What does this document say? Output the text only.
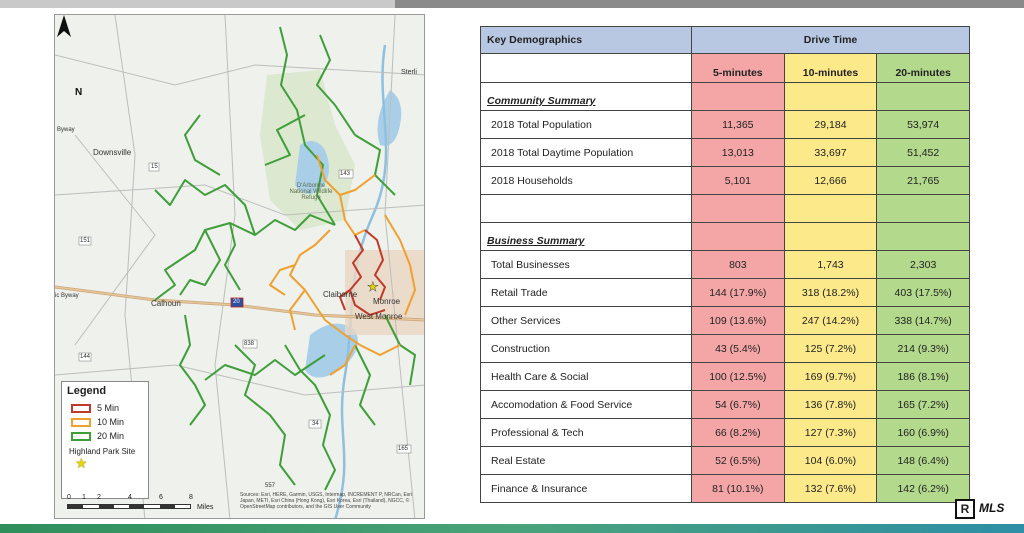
★
Downsville
Sterli
Calhoun
Claiborne
Monroe
West Monroe
D'Arbonne National Wildlife Refuge
Byway
ic Byway
15
151
143
144
838
34
557
165
20
N
Legend
5 Min
10 Min
20 Min
Highland Park Site
★
0 1 2	4	6	8
Miles
Sources: Esri, HERE, Garmin, USGS, Intermap, INCREMENT P, NRCan, Esri Japan, METI, Esri China (Hong Kong), Esri Korea, Esri (Thailand), NGCC, © OpenStreetMap contributors, and the GIS User Community
Key Demographics	Drive Time		
	5-minutes	10-minutes	20-minutes
Community Summary			
2018 Total Population	11,365	29,184	53,974
2018 Total Daytime Population	13,013	33,697	51,452
2018 Households	5,101	12,666	21,765

Business Summary			
Total Businesses	803	1,743	2,303
Retail Trade	144 (17.9%)	318 (18.2%)	403 (17.5%)
Other Services	109 (13.6%)	247 (14.2%)	338 (14.7%)
Construction	43 (5.4%)	125 (7.2%)	214 (9.3%)
Health Care & Social	100 (12.5%)	169 (9.7%)	186 (8.1%)
Accomodation & Food Service	54 (6.7%)	136 (7.8%)	165 (7.2%)
Professional & Tech	66 (8.2%)	127 (7.3%)	160 (6.9%)
Real Estate	52 (6.5%)	104 (6.0%)	148 (6.4%)
Finance & Insurance	81 (10.1%)	132 (7.6%)	142 (6.2%)
R MLS
